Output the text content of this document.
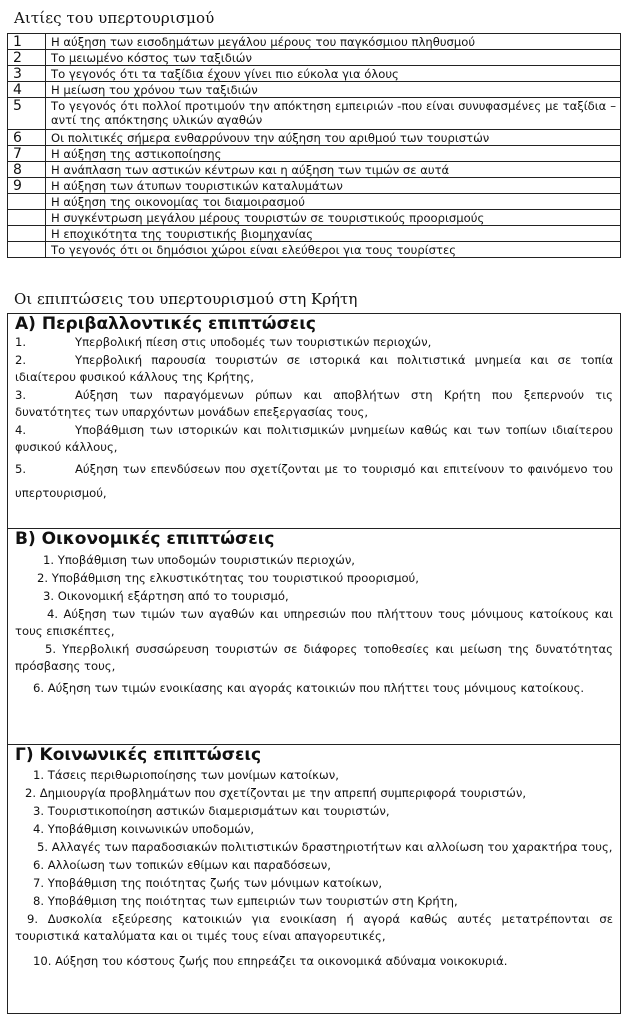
Αιτίες του υπερτουρισμού
1	Η αύξηση των εισοδημάτων μεγάλου μέρους του παγκόσμιου πληθυσμού
2	Το μειωμένο κόστος των ταξιδιών
3	Το γεγονός ότι τα ταξίδια έχουν γίνει πιο εύκολα για όλους
4	Η μείωση του χρόνου των ταξιδιών
5	Το γεγονός ότι πολλοί προτιμούν την απόκτηση εμπειριών -που είναι συνυφασμένες με ταξίδια – αντί της απόκτησης υλικών αγαθών
6	Οι πολιτικές σήμερα ενθαρρύνουν την αύξηση του αριθμού των τουριστών
7	Η αύξηση της αστικοποίησης
8	Η ανάπλαση των αστικών κέντρων και η αύξηση των τιμών σε αυτά
9	Η αύξηση των άτυπων τουριστικών καταλυμάτων
	Η αύξηση της οικονομίας τοι διαμοιρασμού
	Η συγκέντρωση μεγάλου μέρους τουριστών σε τουριστικούς προορισμούς
	Η εποχικότητα της τουριστικής βιομηχανίας
	Το γεγονός ότι οι δημόσιοι χώροι είναι ελεύθεροι για τους τουρίστες
Οι επιπτώσεις του υπερτουρισμού στη Κρήτη
Α) Περιβαλλοντικές επιπτώσεις
1.	Υπερβολική πίεση στις υποδομές των τουριστικών περιοχών,
2.	Υπερβολική παρουσία τουριστών σε ιστορικά και πολιτιστικά μνημεία και σε τοπία ιδιαίτερου φυσικού κάλλους της Κρήτης,
3.	Αύξηση των παραγόμενων ρύπων και αποβλήτων στη Κρήτη που ξεπερνούν τις δυνατότητες των υπαρχόντων μονάδων επεξεργασίας τους,
4.	Υποβάθμιση των ιστορικών και πολιτισμικών μνημείων καθώς και των τοπίων ιδιαίτερου φυσικού κάλλους,
5.	Αύξηση των επενδύσεων που σχετίζονται με το τουρισμό και επιτείνουν το φαινόμενο του υπερτουρισμού,
Β) Οικονομικές επιπτώσεις
1. Υποβάθμιση των υποδομών τουριστικών περιοχών,
2. Υποβάθμιση της ελκυστικότητας του τουριστικού προορισμού,
3. Οικονομική εξάρτηση από το τουρισμό,
4. Αύξηση των τιμών των αγαθών και υπηρεσιών που πλήττουν τους μόνιμους κατοίκους και τους επισκέπτες,
5. Υπερβολική συσσώρευση τουριστών σε διάφορες τοποθεσίες και μείωση της δυνατότητας πρόσβασης τους,
6. Αύξηση των τιμών ενοικίασης και αγοράς κατοικιών που πλήττει τους μόνιμους κατοίκους.
Γ) Κοινωνικές επιπτώσεις
1. Τάσεις περιθωριοποίησης των μονίμων κατοίκων,
2. Δημιουργία προβλημάτων που σχετίζονται με την απρεπή συμπεριφορά τουριστών,
3. Τουριστικοποίηση αστικών διαμερισμάτων και τουριστών,
4. Υποβάθμιση κοινωνικών υποδομών,
5. Αλλαγές των παραδοσιακών πολιτιστικών δραστηριοτήτων και αλλοίωση του χαρακτήρα τους,
6. Αλλοίωση των τοπικών εθίμων και παραδόσεων,
7. Υποβάθμιση της ποιότητας ζωής των μόνιμων κατοίκων,
8. Υποβάθμιση της ποιότητας των εμπειριών των τουριστών στη Κρήτη,
9. Δυσκολία εξεύρεσης κατοικιών για ενοικίαση ή αγορά καθώς αυτές μετατρέπονται σε τουριστικά καταλύματα και οι τιμές τους είναι απαγορευτικές,
10. Αύξηση του κόστους ζωής που επηρεάζει τα οικονομικά αδύναμα νοικοκυριά.
